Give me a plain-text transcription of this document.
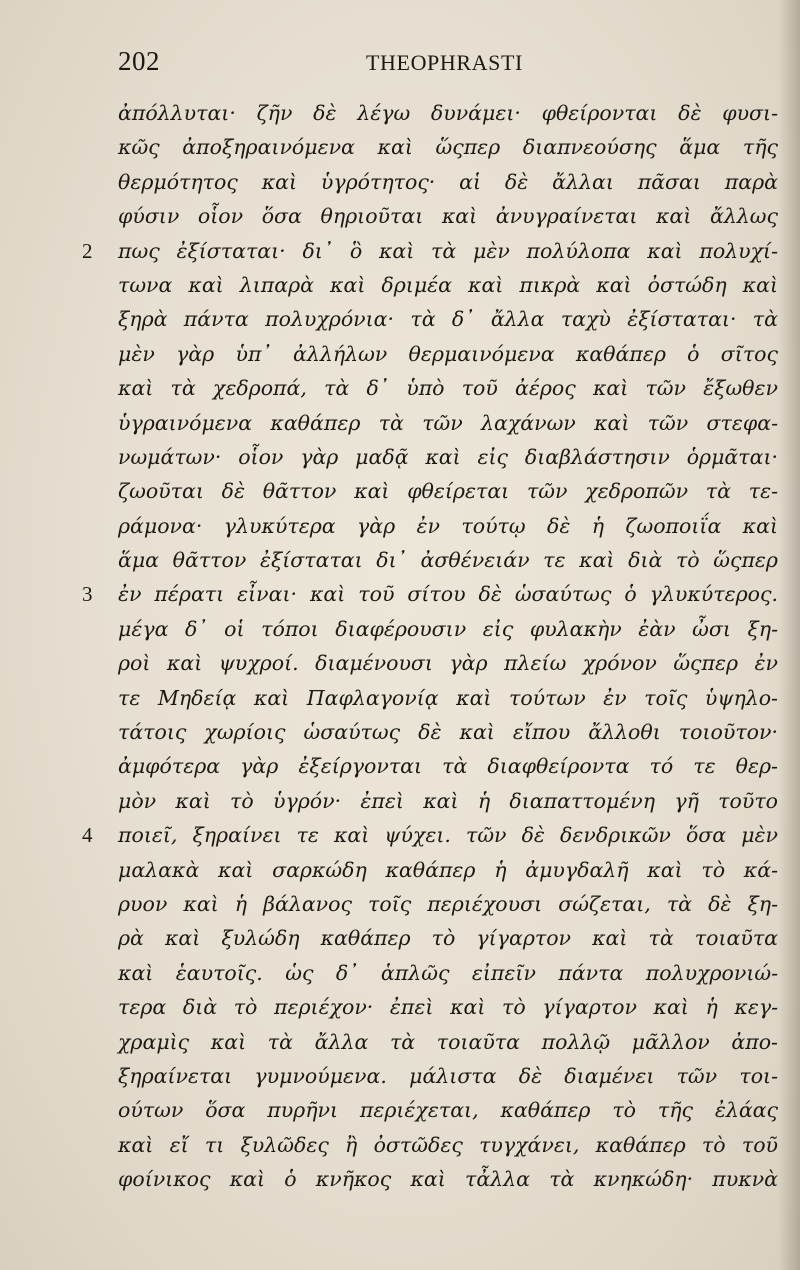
202	THEOPHRASTI
ἀπόλλυται· ζῆν δὲ λέγω δυνάμει· φθείρονται δὲ φυσι-
κῶς ἀποξηραινόμενα καὶ ὥςπερ διαπνεούσης ἅμα τῆς
θερμότητος καὶ ὑγρότητος· αἱ δὲ ἄλλαι πᾶσαι παρὰ
φύσιν οἷον ὅσα θηριοῦται καὶ ἀνυγραίνεται καὶ ἄλλως
2 πως ἐξίσταται· δι᾽ ὃ καὶ τὰ μὲν πολύλοπα καὶ πολυχί-
τωνα καὶ λιπαρὰ καὶ δριμέα καὶ πικρὰ καὶ ὀστώδη καὶ
ξηρὰ πάντα πολυχρόνια· τὰ δ᾽ ἄλλα ταχὺ ἐξίσταται· τὰ
μὲν γὰρ ὑπ᾽ ἀλλήλων θερμαινόμενα καθάπερ ὁ σῖτος
καὶ τὰ χεδροπά, τὰ δ᾽ ὑπὸ τοῦ ἀέρος καὶ τῶν ἔξωθεν
ὑγραινόμενα καθάπερ τὰ τῶν λαχάνων καὶ τῶν στεφα-
νωμάτων· οἷον γὰρ μαδᾷ καὶ εἰς διαβλάστησιν ὁρμᾶται·
ζωοῦται δὲ θᾶττον καὶ φθείρεται τῶν χεδροπῶν τὰ τε-
ράμονα· γλυκύτερα γὰρ ἐν τούτῳ δὲ ἡ ζωοποιΐα καὶ
ἅμα θᾶττον ἐξίσταται δι᾽ ἀσθένειάν τε καὶ διὰ τὸ ὥςπερ
3 ἐν πέρατι εἶναι· καὶ τοῦ σίτου δὲ ὡσαύτως ὁ γλυκύτερος.
μέγα δ᾽ οἱ τόποι διαφέρουσιν εἰς φυλακὴν ἐὰν ὦσι ξη-
ροὶ καὶ ψυχροί. διαμένουσι γὰρ πλείω χρόνον ὥςπερ ἐν
τε Μηδείᾳ καὶ Παφλαγονίᾳ καὶ τούτων ἐν τοῖς ὑψηλο-
τάτοις χωρίοις ὡσαύτως δὲ καὶ εἴπου ἄλλοθι τοιοῦτον·
ἀμφότερα γὰρ ἐξείργονται τὰ διαφθείροντα τό τε θερ-
μὸν καὶ τὸ ὑγρόν· ἐπεὶ καὶ ἡ διαπαττομένη γῆ τοῦτο
4 ποιεῖ, ξηραίνει τε καὶ ψύχει. τῶν δὲ δενδρικῶν ὅσα μὲν
μαλακὰ καὶ σαρκώδη καθάπερ ἡ ἀμυγδαλῆ καὶ τὸ κά-
ρυον καὶ ἡ βάλανος τοῖς περιέχουσι σώζεται, τὰ δὲ ξη-
ρὰ καὶ ξυλώδη καθάπερ τὸ γίγαρτον καὶ τὰ τοιαῦτα
καὶ ἑαυτοῖς. ὡς δ᾽ ἁπλῶς εἰπεῖν πάντα πολυχρονιώ-
τερα διὰ τὸ περιέχον· ἐπεὶ καὶ τὸ γίγαρτον καὶ ἡ κεγ-
χραμὶς καὶ τὰ ἄλλα τὰ τοιαῦτα πολλῷ μᾶλλον ἀπο-
ξηραίνεται γυμνούμενα. μάλιστα δὲ διαμένει τῶν τοι-
ούτων ὅσα πυρῆνι περιέχεται, καθάπερ τὸ τῆς ἐλάας
καὶ εἴ τι ξυλῶδες ἢ ὀστῶδες τυγχάνει, καθάπερ τὸ τοῦ
φοίνικος καὶ ὁ κνῆκος καὶ τἆλλα τὰ κνηκώδη· πυκνὰ
